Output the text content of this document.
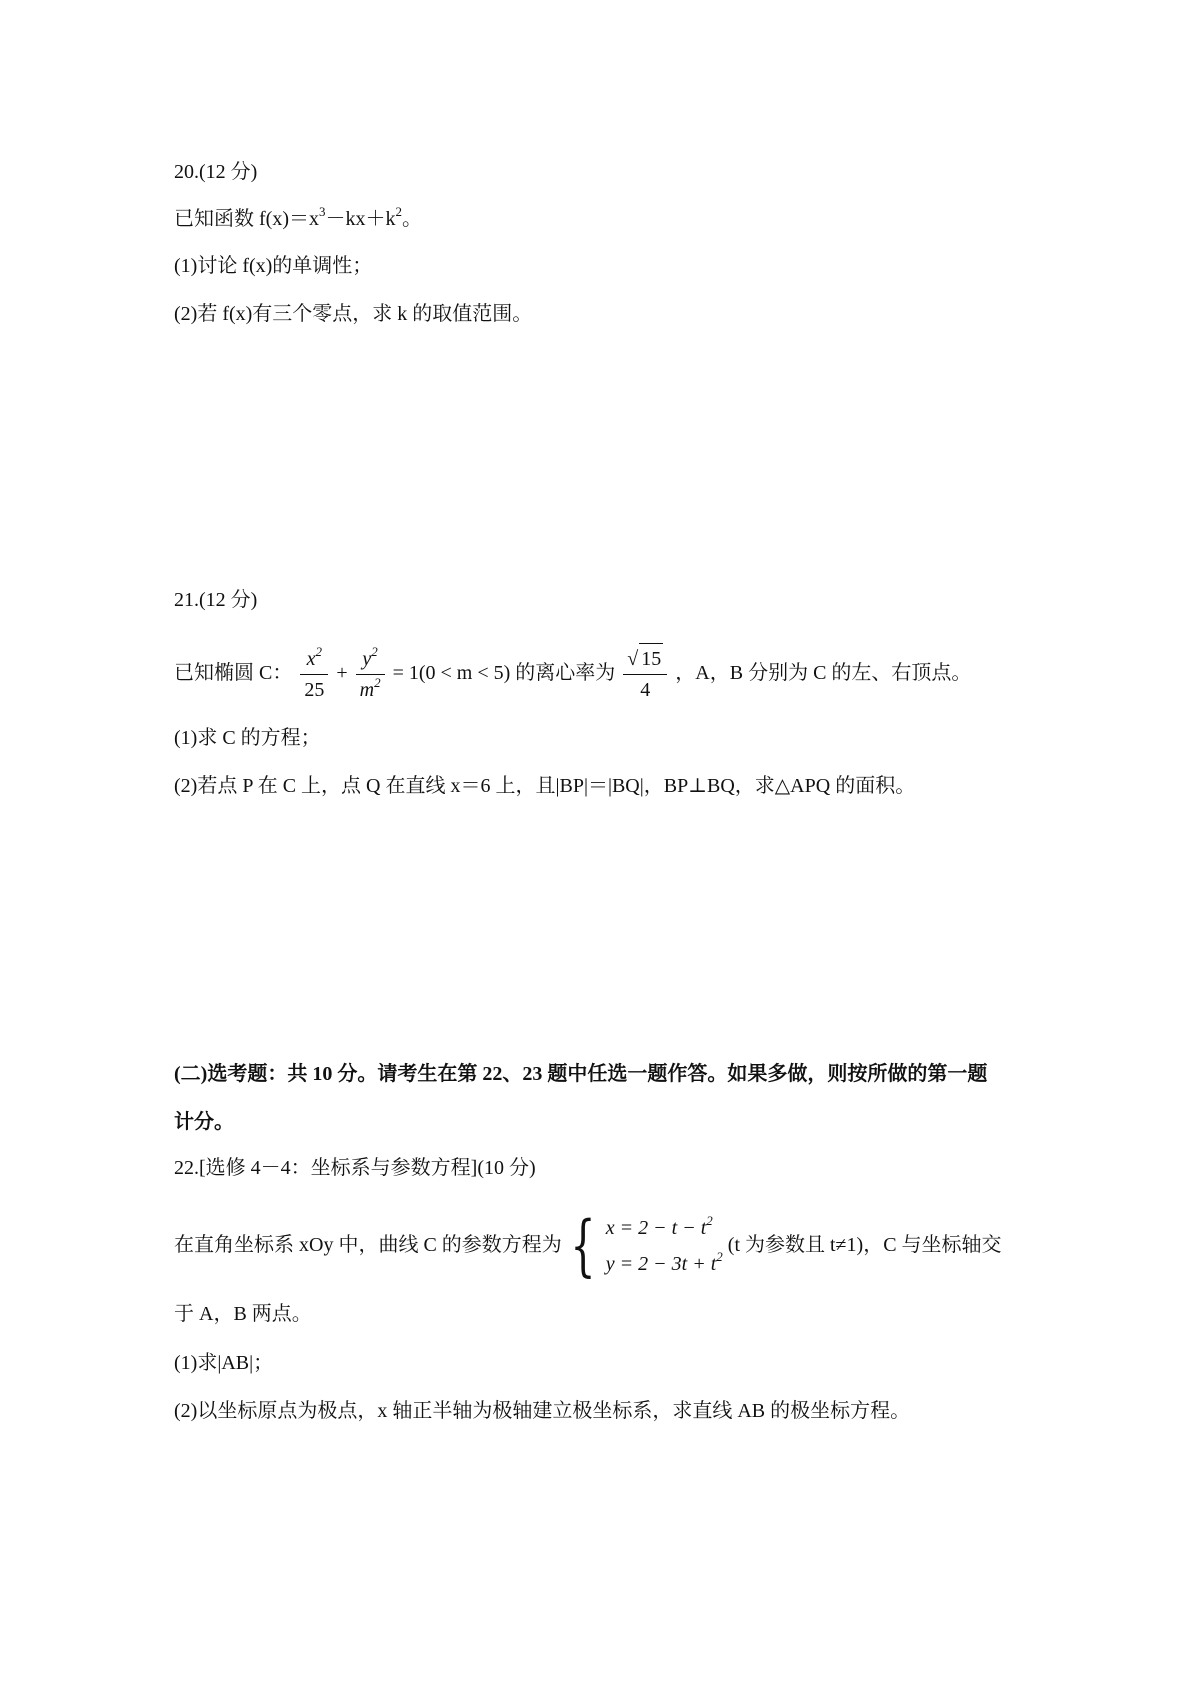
20.(12 分)
已知函数 $f(x)=x^3-kx+k^2$。
(1)讨论 f(x)的单调性；
(2)若 f(x)有三个零点，求 k 的取值范围。
21.(12 分)
已知椭圆 C： $\frac{x^2}{25} + \frac{y^2}{m^2} = 1(0 < m < 5)$ 的离心率为 $\frac{√ 15}{4}$ ，A，B 分别为 C 的左、右顶点。
(1)求 C 的方程；
(2)若点 P 在 C 上，点 Q 在直线 x＝6 上，且|BP|＝|BQ|，BP⊥BQ，求△APQ 的面积。
(二)选考题：共 10 分。请考生在第 22、23 题中任选一题作答。如果多做，则按所做的第一题
计分。
22.[选修 4－4：坐标系与参数方程](10 分)
在直角坐标系 xOy 中，曲线 C 的参数方程为 { $x = 2 - t - t^2$
$y = 2 - 3t + t^2$
(t 为参数且 t≠1)，C 与坐标轴交
于 A，B 两点。
(1)求|AB|；
(2)以坐标原点为极点，x 轴正半轴为极轴建立极坐标系，求直线 AB 的极坐标方程。
